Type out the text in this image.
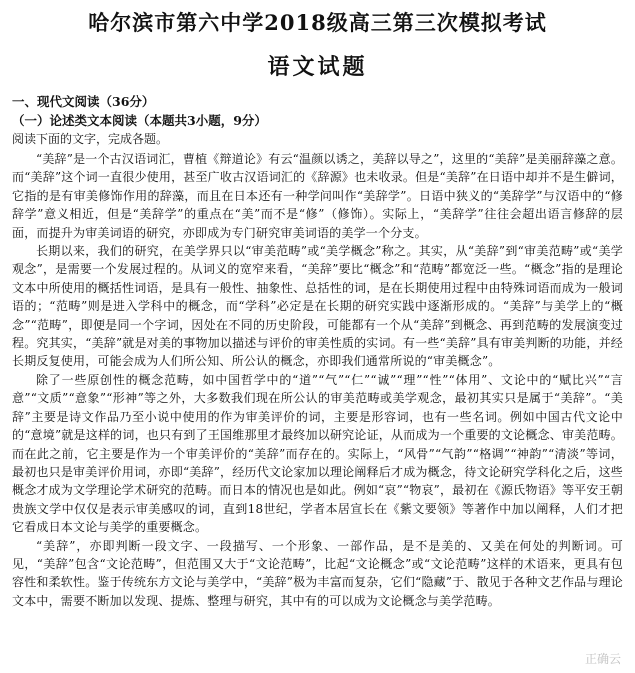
哈尔滨市第六中学2018级高三第三次模拟考试
语文试题
一、现代文阅读（36分）
（一）论述类文本阅读（本题共3小题，9分）
阅读下面的文字，完成各题。

“美辞”是一个古汉语词汇，曹植《辩道论》有云“温颜以诱之，美辞以导之”，这里的“美辞”是美丽辞藻之意。而“美辞”这个词一直很少使用，甚至广收古汉语词汇的《辞源》也未收录。但是“美辞”在日语中却并不是生僻词，它指的是有审美修饰作用的辞藻，而且在日本还有一种学问叫作“美辞学”。日语中狭义的“美辞学”与汉语中的“修辞学”意义相近，但是“美辞学”的重点在“美”而不是“修”（修饰）。实际上，“美辞学”往往会超出语言修辞的层面，而提升为审美词语的研究，亦即成为专门研究审美词语的美学一个分支。

长期以来，我们的研究，在美学界只以“审美范畴”或“美学概念”称之。其实，从“美辞”到“审美范畴”或“美学观念”，是需要一个发展过程的。从词义的宽窄来看，“美辞”要比“概念”和“范畴”都宽泛一些。“概念”指的是理论文本中所使用的概括性词语，是具有一般性、抽象性、总括性的词，是在长期使用过程中由特殊词语而成为一般词语的；“范畴”则是进入学科中的概念，而“学科”必定是在长期的研究实践中逐渐形成的。“美辞”与美学上的“概念”“范畴”，即便是同一个字词，因处在不同的历史阶段，可能都有一个从“美辞”到概念、再到范畴的发展演变过程。究其实，“美辞”就是对美的事物加以描述与评价的审美性质的实词。有一些“美辞”具有审美判断的功能，并经长期反复使用，可能会成为人们所公知、所公认的概念，亦即我们通常所说的“审美概念”。

除了一些原创性的概念范畴，如中国哲学中的“道”“气”“仁”“诚”“理”“性”“体用”、文论中的“赋比兴”“言意”“文质”“意象”“形神”等之外，大多数我们现在所公认的审美范畴或美学观念，最初其实只是属于“美辞”。“美辞”主要是诗文作品乃至小说中使用的作为审美评价的词，主要是形容词，也有一些名词。例如中国古代文论中的“意境”就是这样的词，也只有到了王国维那里才最终加以研究论证，从而成为一个重要的文论概念、审美范畴。而在此之前，它主要是作为一个审美评价的“美辞”而存在的。实际上，“风骨”“气韵”“格调”“神韵”“清淡”等词，最初也只是审美评价用词，亦即“美辞”，经历代文论家加以理论阐释后才成为概念，待文论研究学科化之后，这些概念才成为文学理论学术研究的范畴。而日本的情况也是如此。例如“哀”“物哀”，最初在《源氏物语》等平安王朝贵族文学中仅仅是表示审美感叹的词，直到18世纪，学者本居宣长在《紫文要领》等著作中加以阐释，人们才把它看成日本文论与美学的重要概念。

“美辞”，亦即判断一段文字、一段描写、一个形象、一部作品，是不是美的、又美在何处的判断词。可见，“美辞”包含“文论范畴”，但范围又大于“文论范畴”，比起“文论概念”或“文论范畴”这样的术语来，更具有包容性和柔软性。鉴于传统东方文论与美学中，“美辞”极为丰富而复杂，它们“隐藏”于、散见于各种文艺作品与理论文本中，需要不断加以发现、提炼、整理与研究，其中有的可以成为文论概念与美学范畴。

正确云
